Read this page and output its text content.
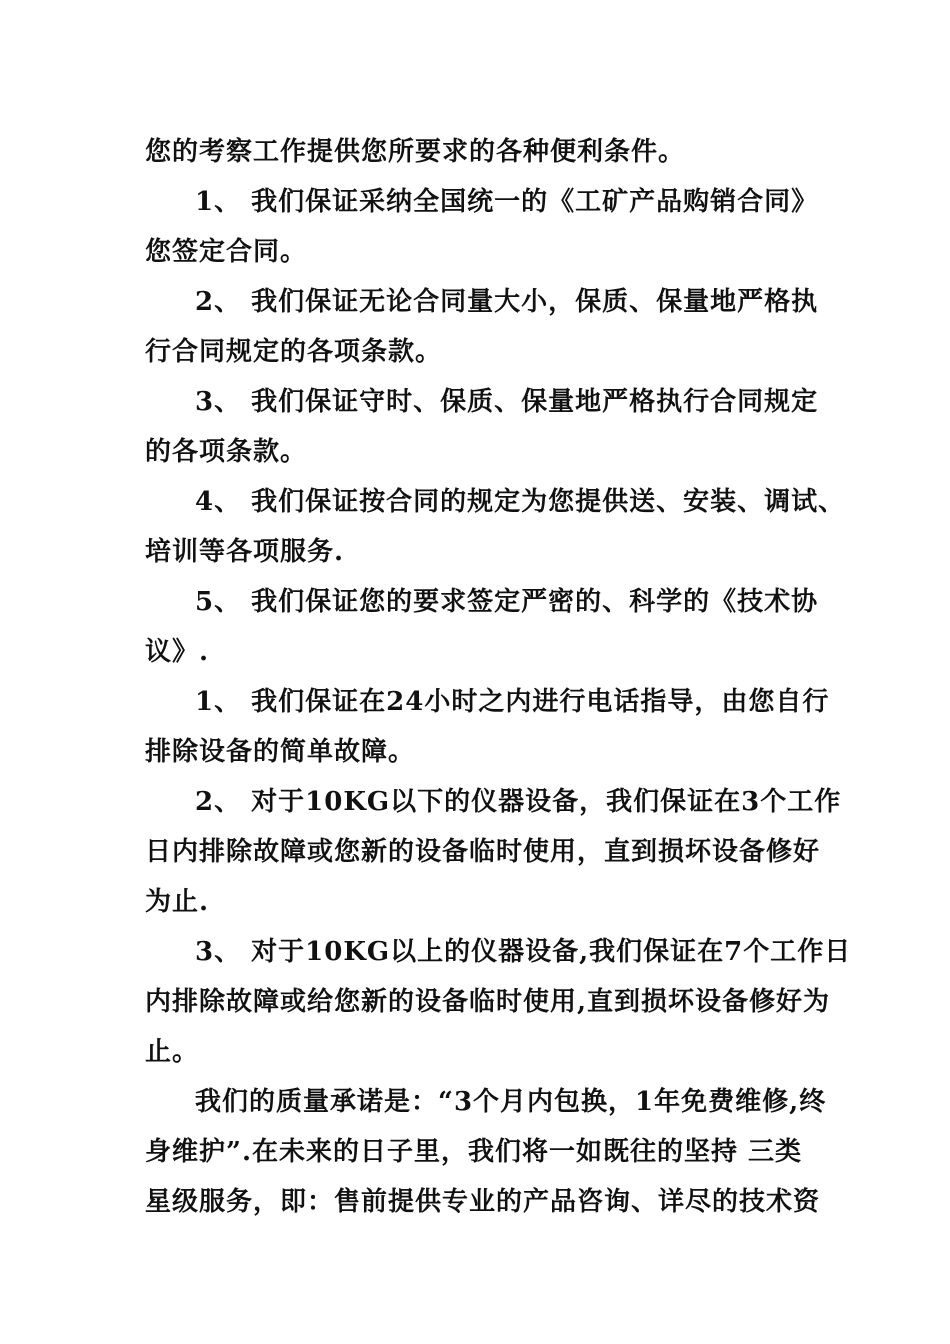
您的考察工作提供您所要求的各种便利条件。
1、 我们保证采纳全国统一的《工矿产品购销合同》
您签定合同。
2、 我们保证无论合同量大小，保质、保量地严格执
行合同规定的各项条款。
3、 我们保证守时、保质、保量地严格执行合同规定
的各项条款。
4、 我们保证按合同的规定为您提供送、安装、调试、
培训等各项服务.
5、 我们保证您的要求签定严密的、科学的《技术协
议》.
1、 我们保证在24小时之内进行电话指导，由您自行
排除设备的简单故障。
2、 对于10KG以下的仪器设备，我们保证在3个工作
日内排除故障或您新的设备临时使用，直到损坏设备修好
为止.
3、 对于10KG以上的仪器设备,我们保证在7个工作日
内排除故障或给您新的设备临时使用,直到损坏设备修好为
止。
我们的质量承诺是：“3个月内包换，1年免费维修,终
身维护”.在未来的日子里，我们将一如既往的坚持 三类
星级服务，即：售前提供专业的产品咨询、详尽的技术资
